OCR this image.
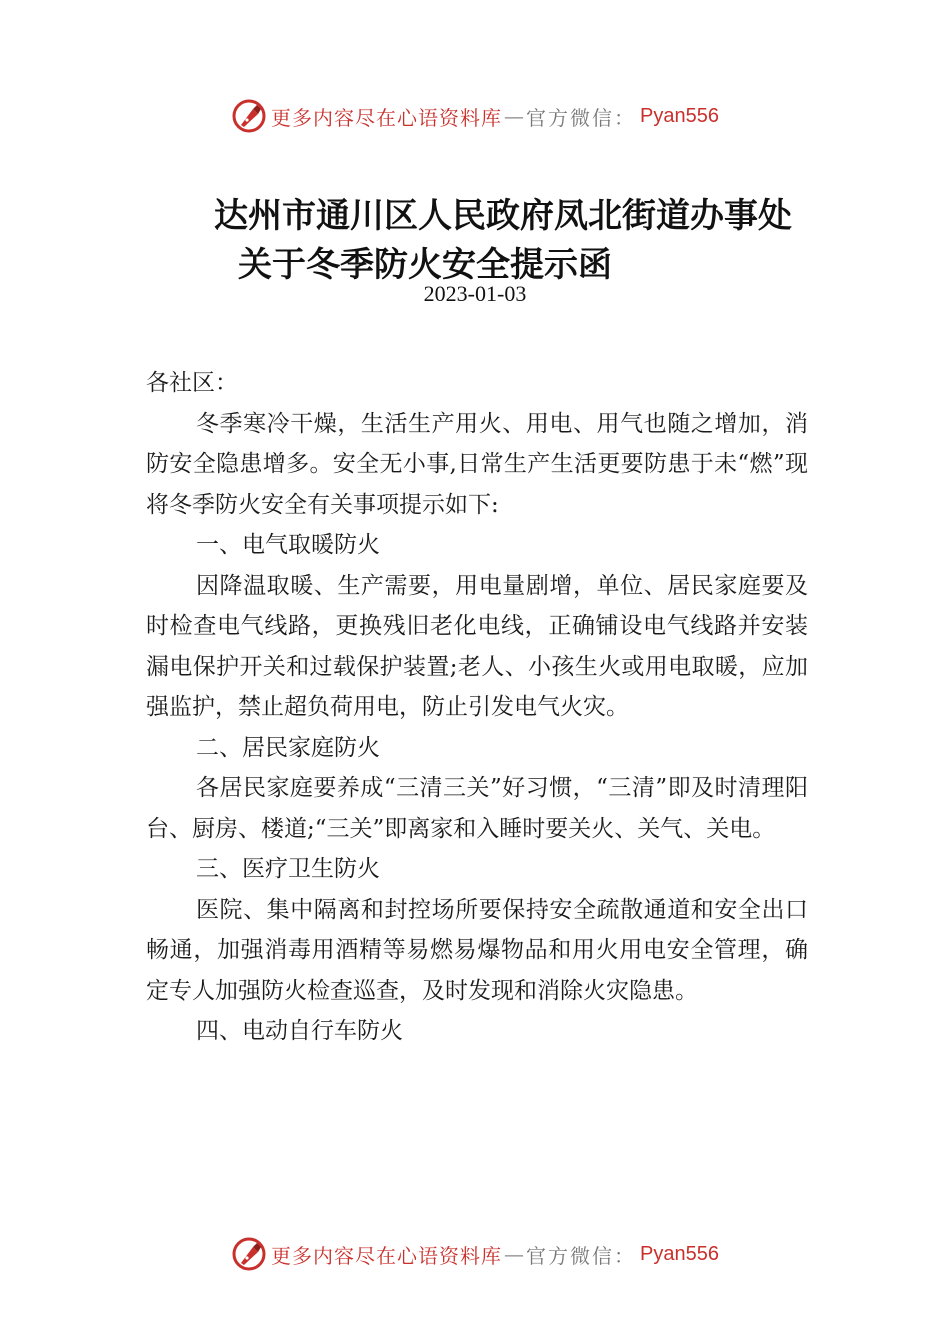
更多内容尽在心语资料库 — 官方微信： Pyan556
达州市通川区人民政府凤北街道办事处
关于冬季防火安全提示函
2023-01-03

各社区：

冬季寒冷干燥，生活生产用火、用电、用气也随之增加，消防安全隐患增多。安全无小事,日常生产生活更要防患于未“燃”现将冬季防火安全有关事项提示如下:

一、电气取暖防火

因降温取暖、生产需要，用电量剧增，单位、居民家庭要及时检查电气线路，更换残旧老化电线，正确铺设电气线路并安装漏电保护开关和过载保护装置;老人、小孩生火或用电取暖，应加强监护，禁止超负荷用电，防止引发电气火灾。

二、居民家庭防火

各居民家庭要养成“三清三关”好习惯，“三清”即及时清理阳台、厨房、楼道;“三关”即离家和入睡时要关火、关气、关电。

三、医疗卫生防火

医院、集中隔离和封控场所要保持安全疏散通道和安全出口畅通，加强消毒用酒精等易燃易爆物品和用火用电安全管理，确定专人加强防火检查巡查，及时发现和消除火灾隐患。

四、电动自行车防火

更多内容尽在心语资料库 — 官方微信： Pyan556
